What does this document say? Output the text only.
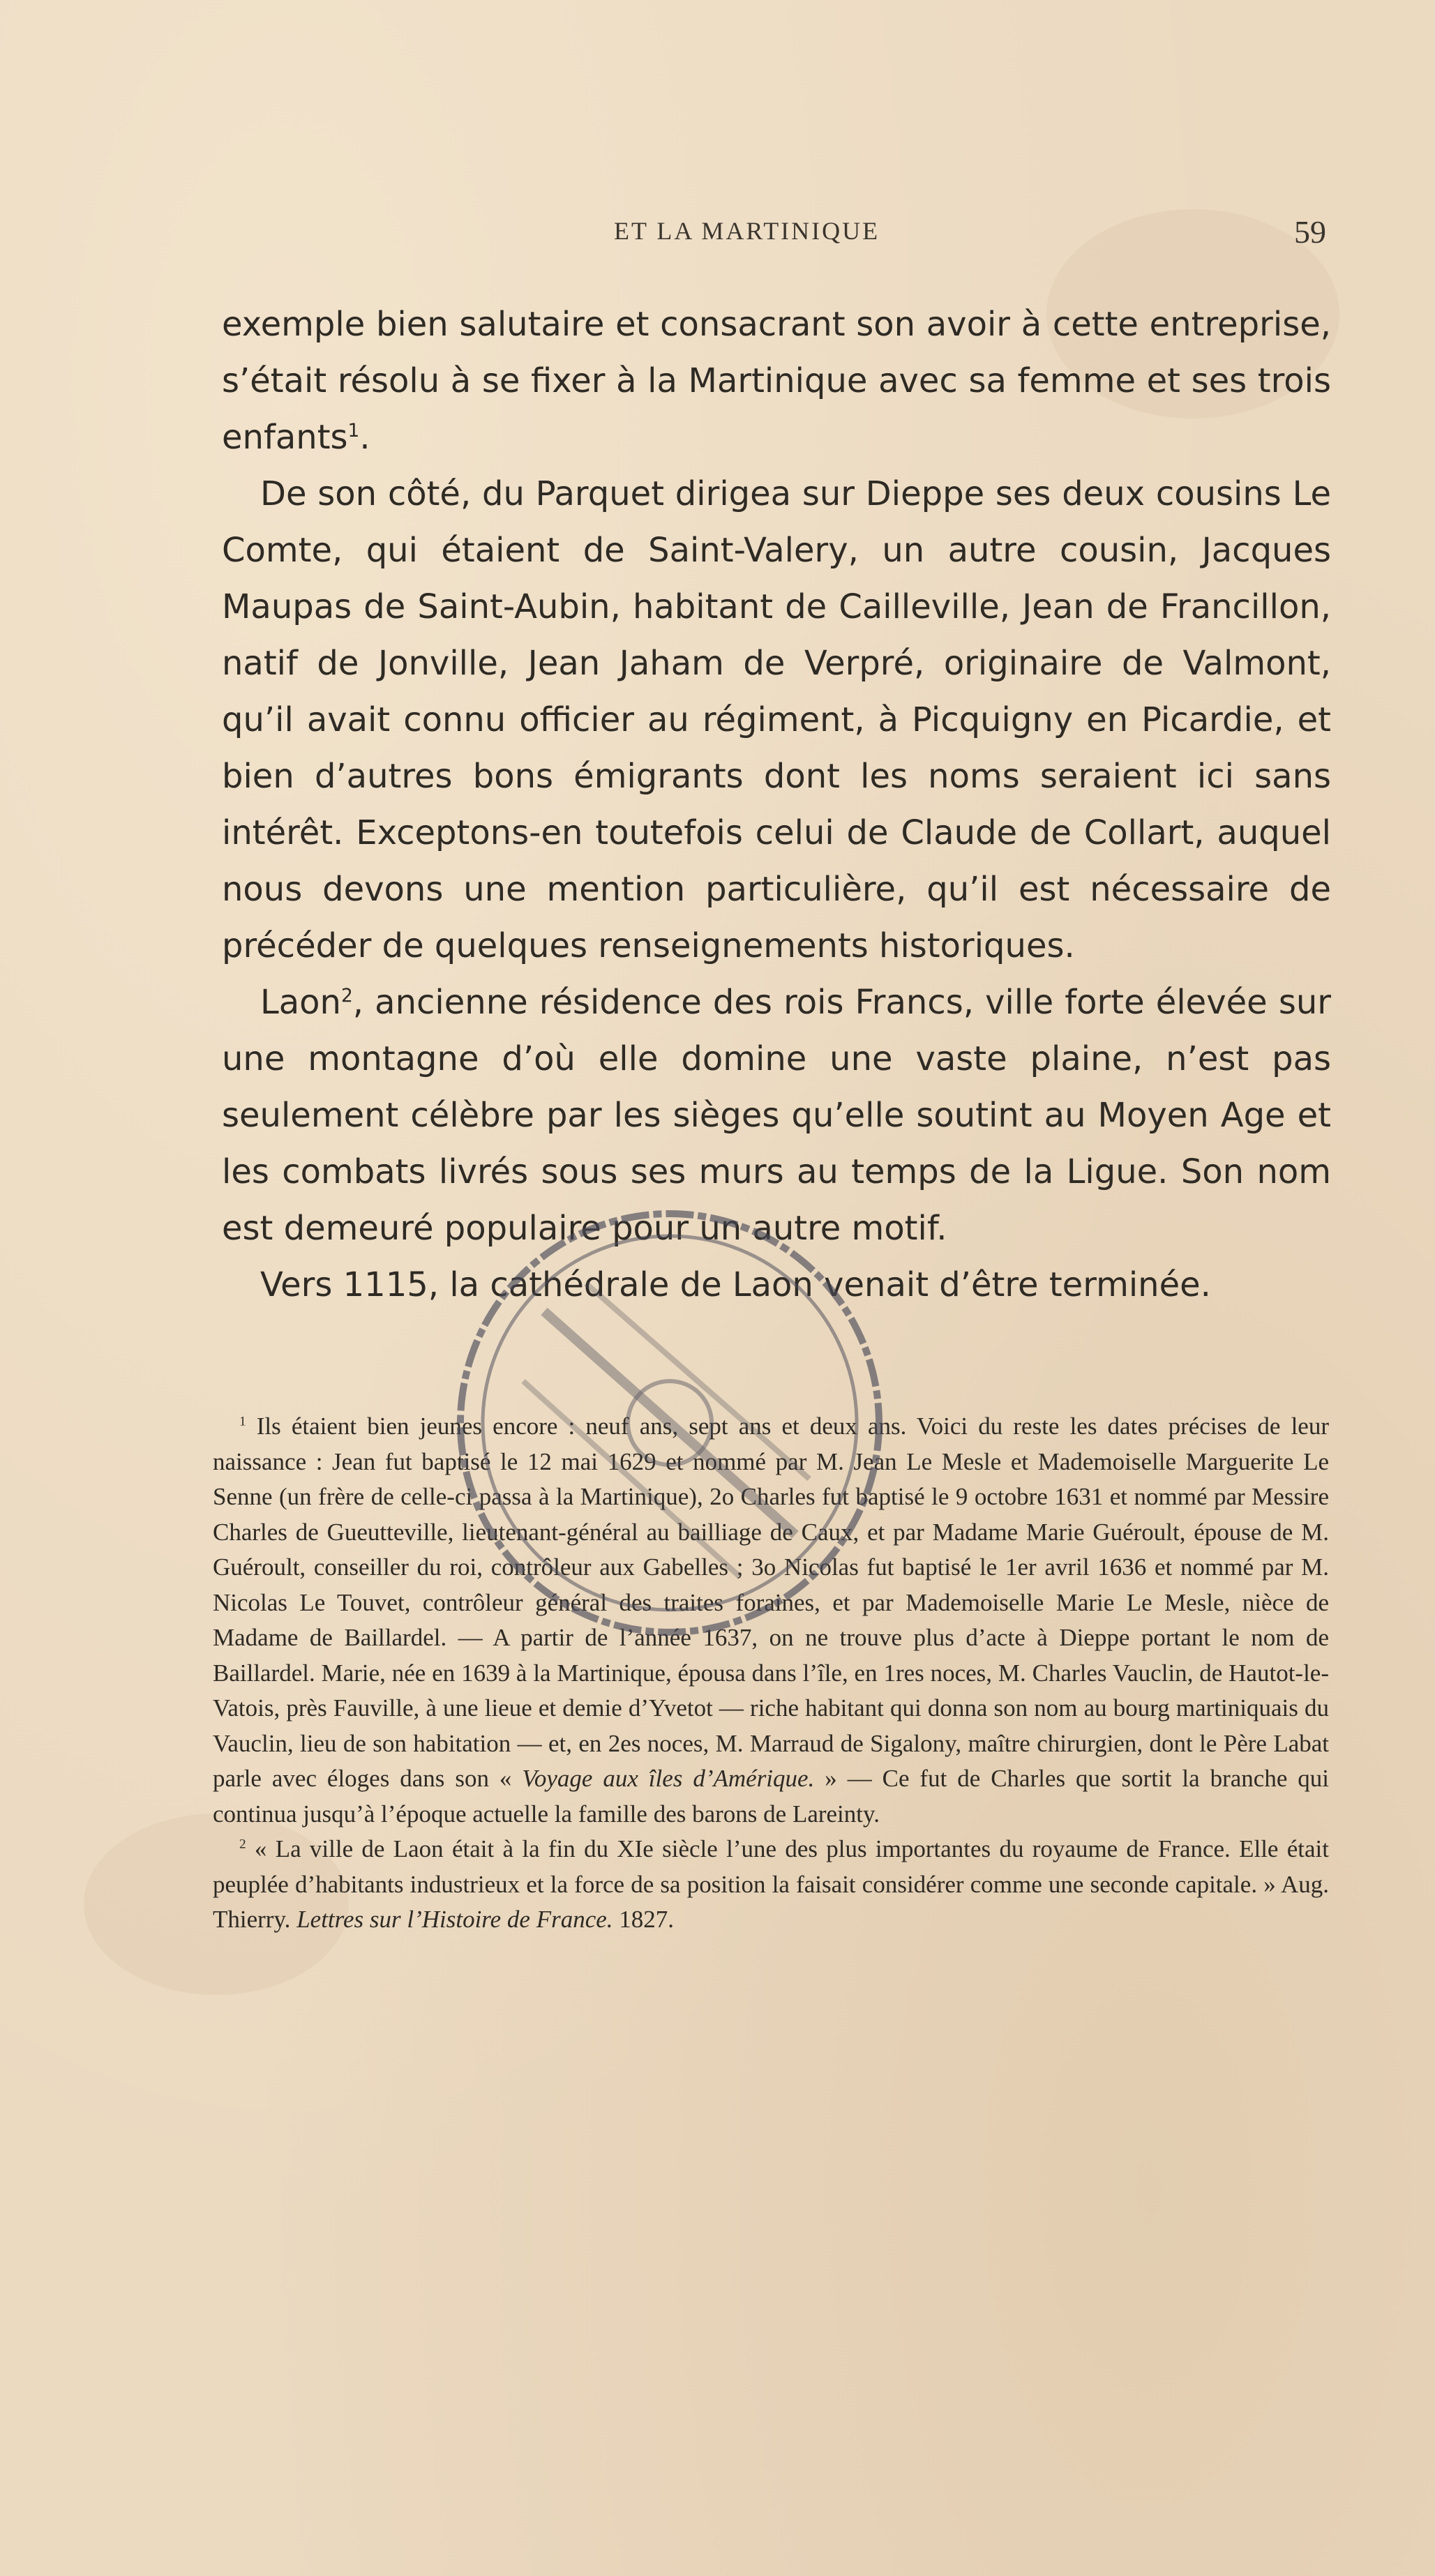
ET LA MARTINIQUE	59

exemple bien salutaire et consacrant son avoir à cette entreprise, s’était résolu à se fixer à la Martinique avec sa femme et ses trois enfants$^1$.

De son côté, du Parquet dirigea sur Dieppe ses deux cousins Le Comte, qui étaient de Saint-Valery, un autre cousin, Jacques Maupas de Saint-Aubin, habitant de Cailleville, Jean de Francillon, natif de Jonville, Jean Jaham de Verpré, originaire de Valmont, qu’il avait connu officier au régiment, à Picquigny en Picardie, et bien d’autres bons émigrants dont les noms seraient ici sans intérêt. Exceptons-en toutefois celui de Claude de Collart, auquel nous devons une mention particulière, qu’il est nécessaire de précéder de quelques renseignements historiques.

Laon$^2$, ancienne résidence des rois Francs, ville forte élevée sur une montagne d’où elle domine une vaste plaine, n’est pas seulement célèbre par les sièges qu’elle soutint au Moyen Age et les combats livrés sous ses murs au temps de la Ligue. Son nom est demeuré populaire pour un autre motif.

Vers 1115, la cathédrale de Laon venait d’être terminée.

$^1$ Ils étaient bien jeunes encore : neuf ans, sept ans et deux ans. Voici du reste les dates précises de leur naissance : Jean fut baptisé le 12 mai 1629 et nommé par M. Jean Le Mesle et Mademoiselle Marguerite Le Senne (un frère de celle-ci passa à la Martinique), 2o Charles fut baptisé le 9 octobre 1631 et nommé par Messire Charles de Gueutteville, lieutenant-général au bailliage de Caux, et par Madame Marie Guéroult, épouse de M. Guéroult, conseiller du roi, contrôleur aux Gabelles ; 3o Nicolas fut baptisé le 1er avril 1636 et nommé par M. Nicolas Le Touvet, contrôleur général des traites foraines, et par Mademoiselle Marie Le Mesle, nièce de Madame de Baillardel. — A partir de l’année 1637, on ne trouve plus d’acte à Dieppe portant le nom de Baillardel. Marie, née en 1639 à la Martinique, épousa dans l’île, en 1res noces, M. Charles Vauclin, de Hautot-le-Vatois, près Fauville, à une lieue et demie d’Yvetot — riche habitant qui donna son nom au bourg martiniquais du Vauclin, lieu de son habitation — et, en 2es noces, M. Marraud de Sigalony, maître chirurgien, dont le Père Labat parle avec éloges dans son « Voyage aux îles d’Amérique. » — Ce fut de Charles que sortit la branche qui continua jusqu’à l’époque actuelle la famille des barons de Lareinty.

$^2$ « La ville de Laon était à la fin du XIe siècle l’une des plus importantes du royaume de France. Elle était peuplée d’habitants industrieux et la force de sa position la faisait considérer comme une seconde capitale. » Aug. Thierry. Lettres sur l’Histoire de France. 1827.
